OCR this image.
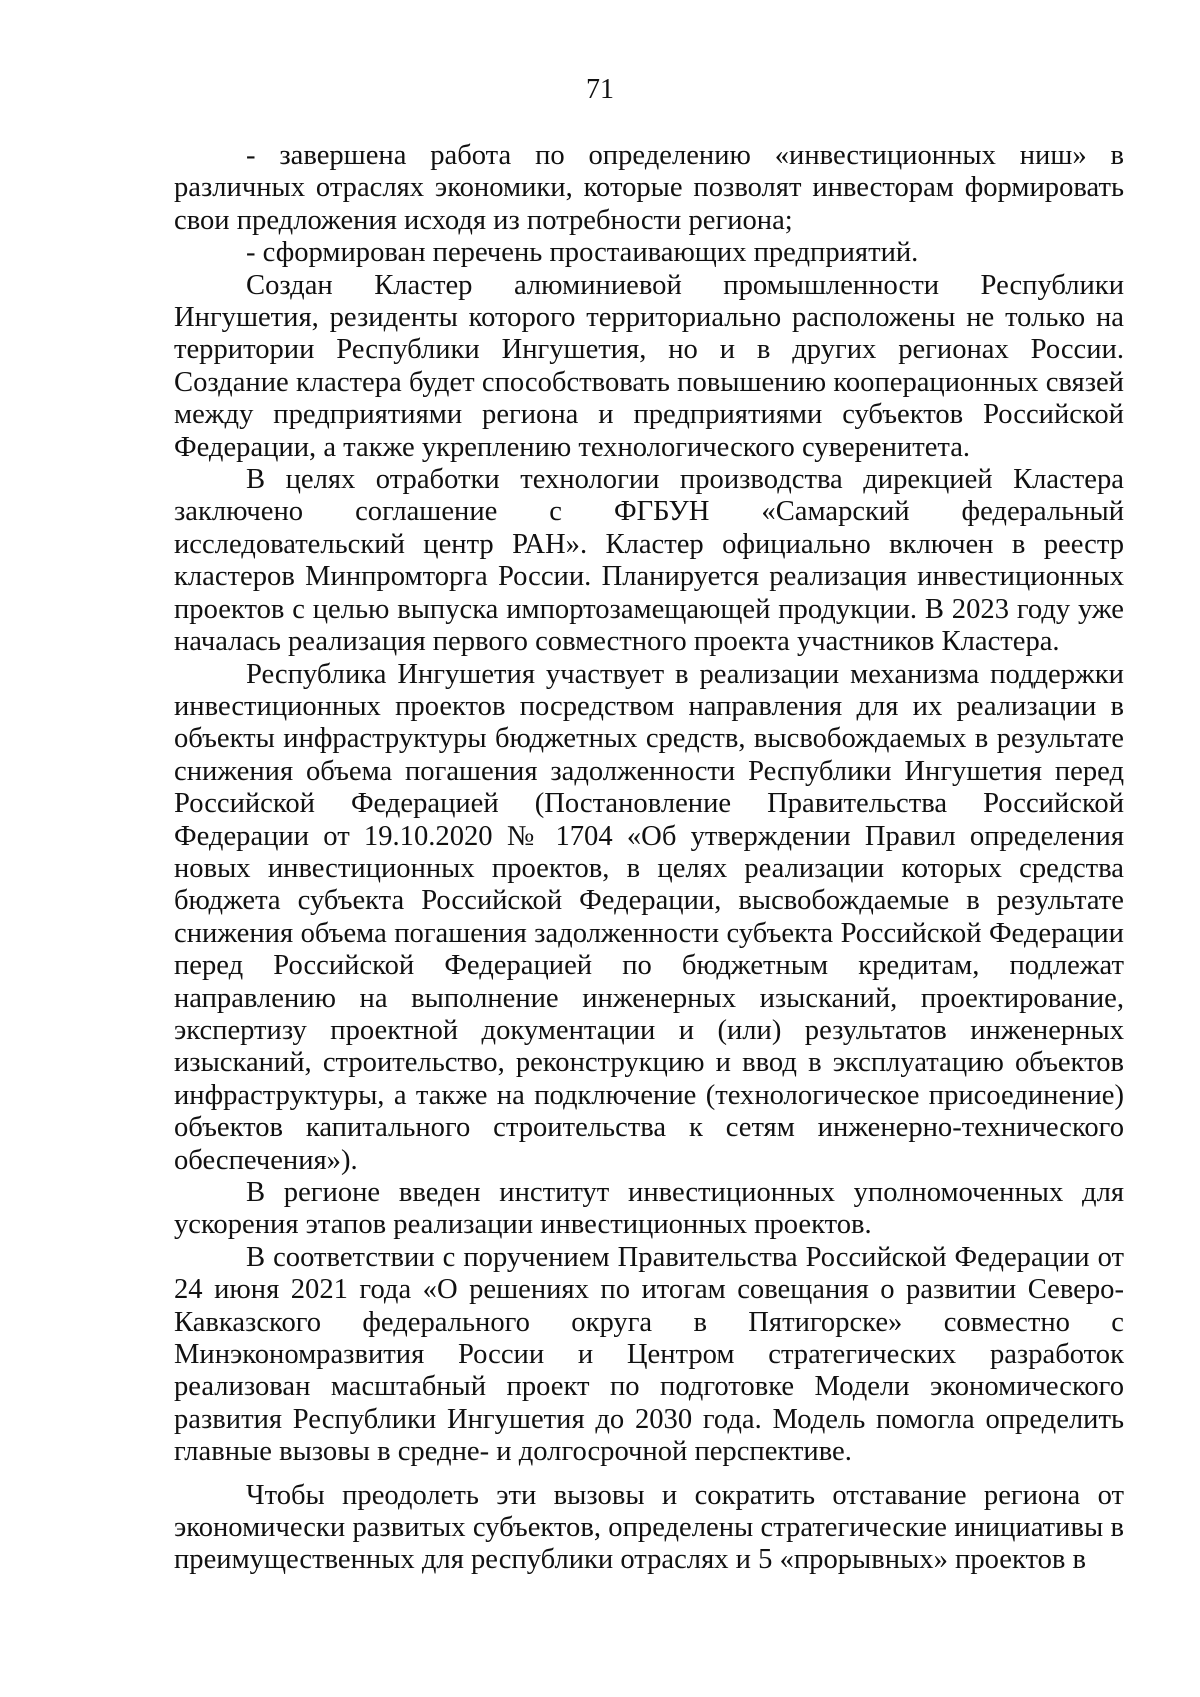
71

- завершена работа по определению «инвестиционных ниш» в различных отраслях экономики, которые позволят инвесторам формировать свои предложения исходя из потребности региона;

- сформирован перечень простаивающих предприятий.

Создан Кластер алюминиевой промышленности Республики Ингушетия, резиденты которого территориально расположены не только на территории Республики Ингушетия, но и в других регионах России. Создание кластера будет способствовать повышению кооперационных связей между предприятиями региона и предприятиями субъектов Российской Федерации, а также укреплению технологического суверенитета.

В целях отработки технологии производства дирекцией Кластера заключено соглашение с ФГБУН «Самарский федеральный исследовательский центр РАН». Кластер официально включен в реестр кластеров Минпромторга России. Планируется реализация инвестиционных проектов с целью выпуска импортозамещающей продукции. В 2023 году уже началась реализация первого совместного проекта участников Кластера.

Республика Ингушетия участвует в реализации механизма поддержки инвестиционных проектов посредством направления для их реализации в объекты инфраструктуры бюджетных средств, высвобождаемых в результате снижения объема погашения задолженности Республики Ингушетия перед Российской Федерацией (Постановление Правительства Российской Федерации от 19.10.2020 № 1704 «Об утверждении Правил определения новых инвестиционных проектов, в целях реализации которых средства бюджета субъекта Российской Федерации, высвобождаемые в результате снижения объема погашения задолженности субъекта Российской Федерации перед Российской Федерацией по бюджетным кредитам, подлежат направлению на выполнение инженерных изысканий, проектирование, экспертизу проектной документации и (или) результатов инженерных изысканий, строительство, реконструкцию и ввод в эксплуатацию объектов инфраструктуры, а также на подключение (технологическое присоединение) объектов капитального строительства к сетям инженерно-технического обеспечения»).

В регионе введен институт инвестиционных уполномоченных для ускорения этапов реализации инвестиционных проектов.

В соответствии с поручением Правительства Российской Федерации от 24 июня 2021 года «О решениях по итогам совещания о развитии Северо-Кавказского федерального округа в Пятигорске» совместно с Минэкономразвития России и Центром стратегических разработок реализован масштабный проект по подготовке Модели экономического развития Республики Ингушетия до 2030 года. Модель помогла определить главные вызовы в средне- и долгосрочной перспективе.

Чтобы преодолеть эти вызовы и сократить отставание региона от экономически развитых субъектов, определены стратегические инициативы в преимущественных для республики отраслях и 5 «прорывных» проектов в
